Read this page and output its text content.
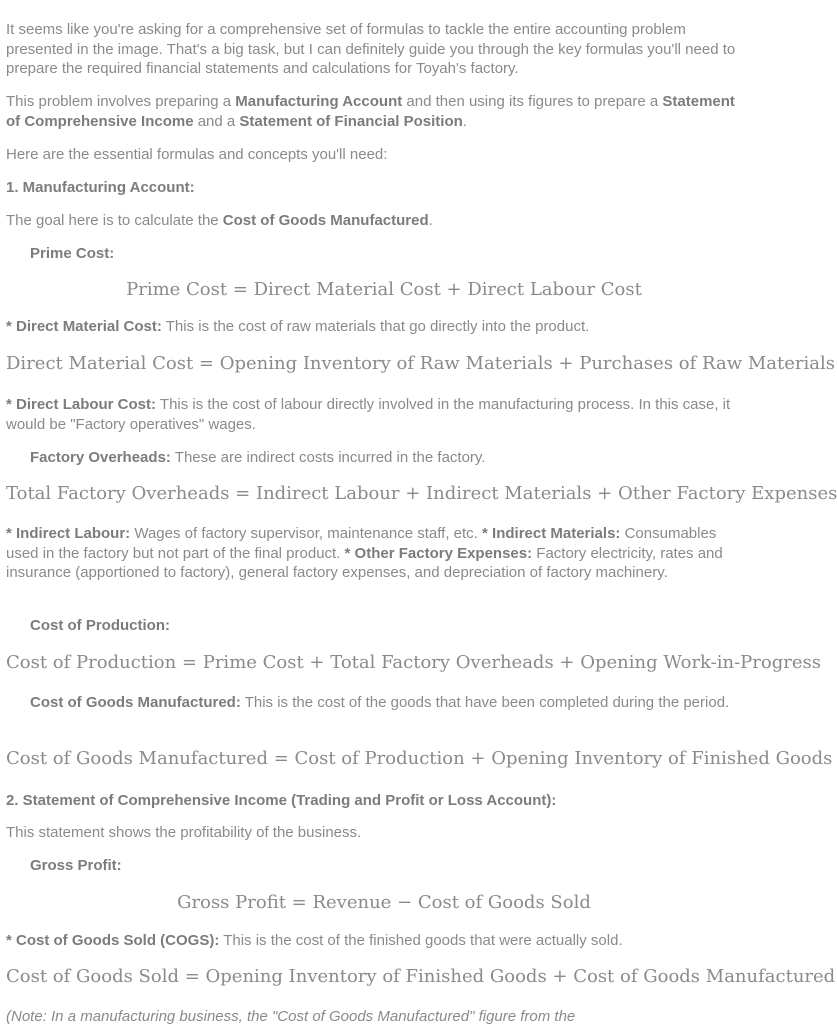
It seems like you're asking for a comprehensive set of formulas to tackle the entire accounting problem presented in the image. That's a big task, but I can definitely guide you through the key formulas you'll need to prepare the required financial statements and calculations for Toyah's factory.

This problem involves preparing a Manufacturing Account and then using its figures to prepare a Statement of Comprehensive Income and a Statement of Financial Position.

Here are the essential formulas and concepts you'll need:

1. Manufacturing Account:

The goal here is to calculate the Cost of Goods Manufactured.

Prime Cost:

Prime Cost = Direct Material Cost + Direct Labour Cost

* Direct Material Cost: This is the cost of raw materials that go directly into the product.

Direct Material Cost = Opening Inventory of Raw Materials + Purchases of Raw Materials

* Direct Labour Cost: This is the cost of labour directly involved in the manufacturing process. In this case, it would be "Factory operatives" wages.

Factory Overheads: These are indirect costs incurred in the factory.

Total Factory Overheads = Indirect Labour + Indirect Materials + Other Factory Expenses

* Indirect Labour: Wages of factory supervisor, maintenance staff, etc. * Indirect Materials: Consumables used in the factory but not part of the final product. * Other Factory Expenses: Factory electricity, rates and insurance (apportioned to factory), general factory expenses, and depreciation of factory machinery.

Cost of Production:

Cost of Production = Prime Cost + Total Factory Overheads + Opening Work-in-Progress

Cost of Goods Manufactured: This is the cost of the goods that have been completed during the period.

Cost of Goods Manufactured = Cost of Production + Opening Inventory of Finished Goods

2. Statement of Comprehensive Income (Trading and Profit or Loss Account):

This statement shows the profitability of the business.

Gross Profit:

Gross Profit = Revenue − Cost of Goods Sold

* Cost of Goods Sold (COGS): This is the cost of the finished goods that were actually sold.

Cost of Goods Sold = Opening Inventory of Finished Goods + Cost of Goods Manufactured

(Note: In a manufacturing business, the "Cost of Goods Manufactured" figure from the
